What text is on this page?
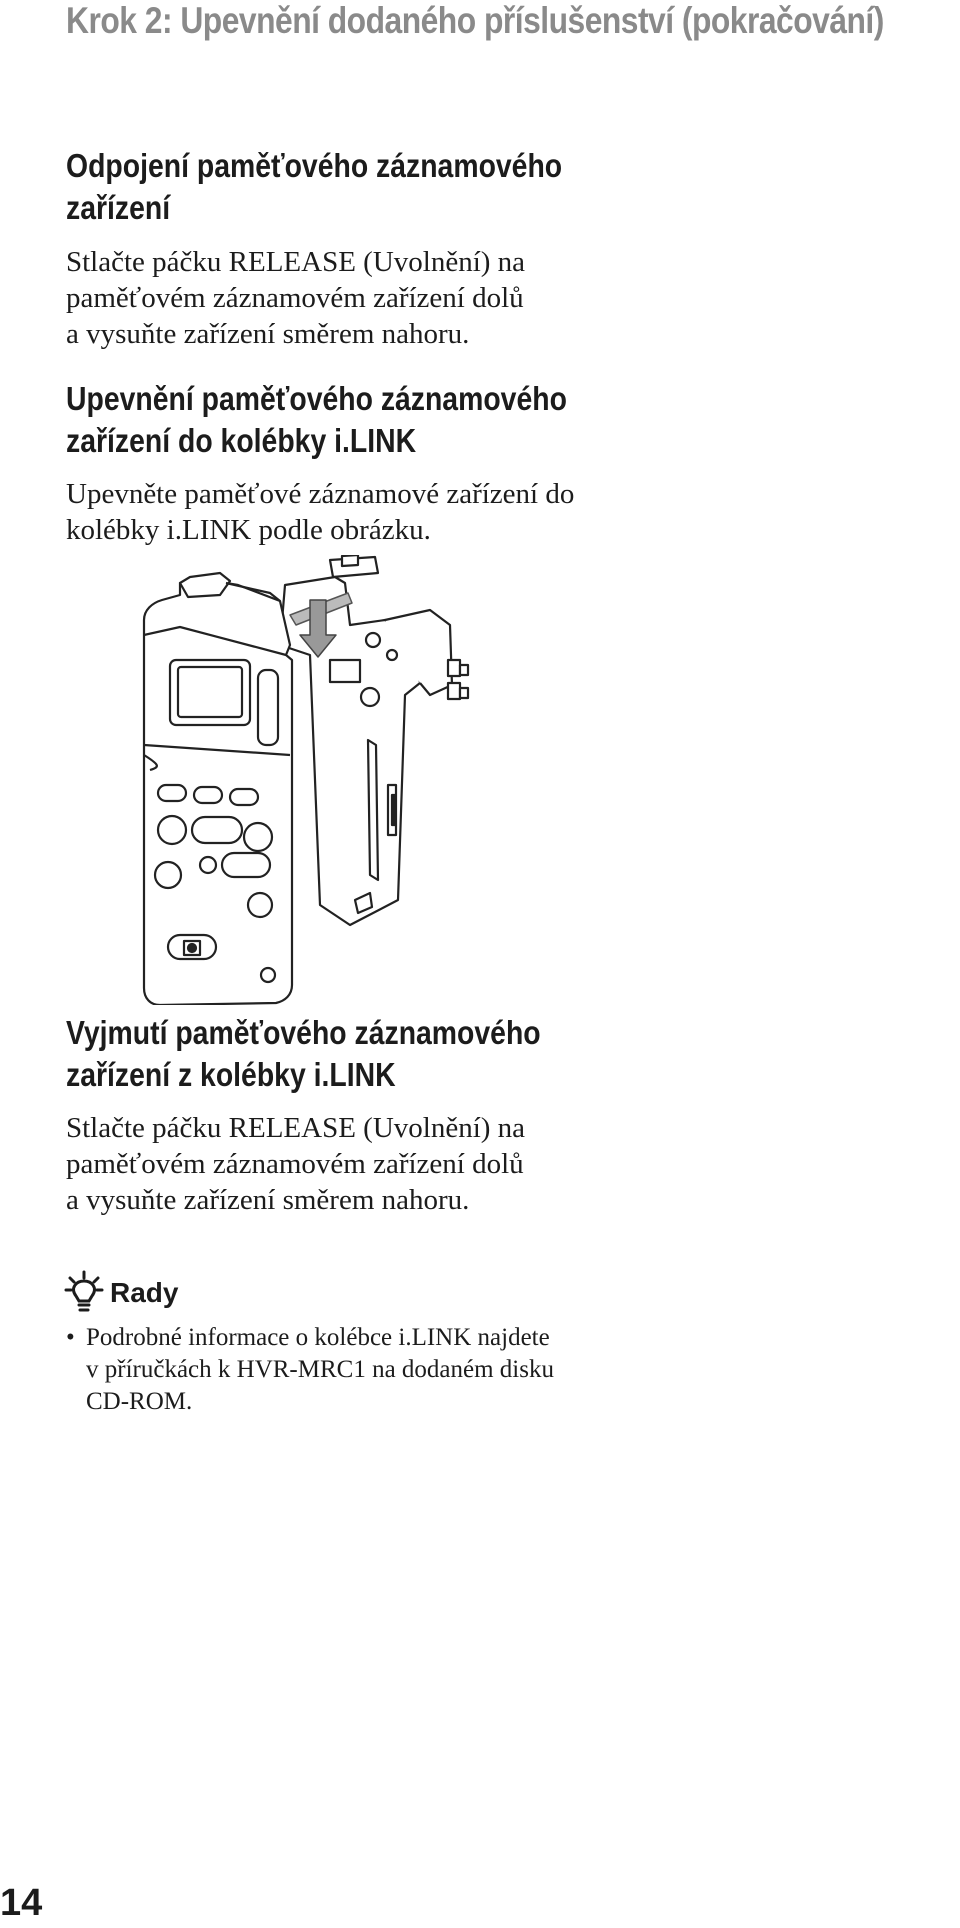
Krok 2: Upevnění dodaného příslušenství (pokračování)
Odpojení paměťového záznamového
zařízení
Stlačte páčku RELEASE (Uvolnění) na
paměťovém záznamovém zařízení dolů
a vysuňte zařízení směrem nahoru.
Upevnění paměťového záznamového
zařízení do kolébky i.LINK
Upevněte paměťové záznamové zařízení do
kolébky i.LINK podle obrázku.
Vyjmutí paměťového záznamového
zařízení z kolébky i.LINK
Stlačte páčku RELEASE (Uvolnění) na
paměťovém záznamovém zařízení dolů
a vysuňte zařízení směrem nahoru.
Rady
• Podrobné informace o kolébce i.LINK najdete
v příručkách k HVR-MRC1 na dodaném disku
CD-ROM.
14
